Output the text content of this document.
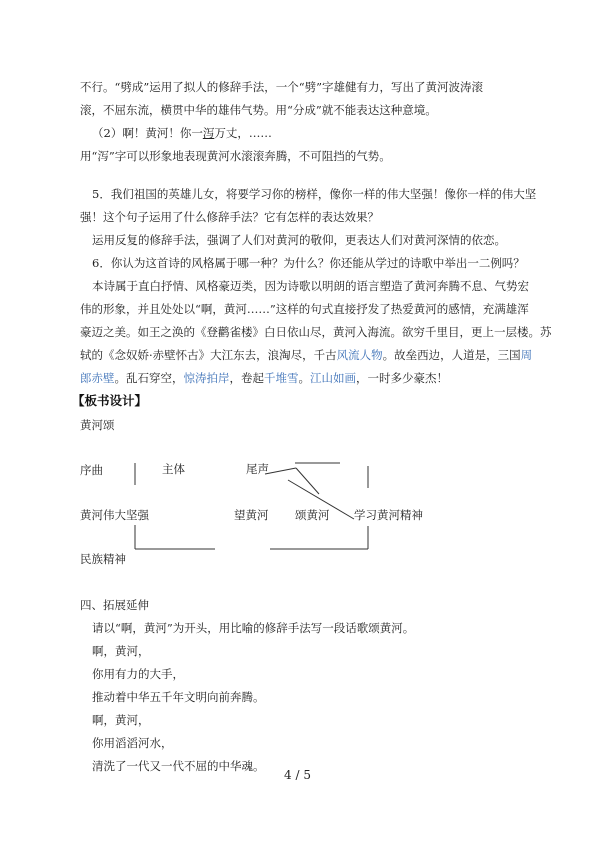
不行。“劈成”运用了拟人的修辞手法，一个“劈”字雄健有力，写出了黄河波涛滚
滚，不屈东流，横贯中华的雄伟气势。用“分成”就不能表达这种意境。
（2）啊！黄河！你一泻万丈，……
用“泻”字可以形象地表现黄河水滚滚奔腾，不可阻挡的气势。
5．我们祖国的英雄儿女，将要学习你的榜样，像你一样的伟大坚强！像你一样的伟大坚
强！这个句子运用了什么修辞手法？它有怎样的表达效果？
运用反复的修辞手法，强调了人们对黄河的敬仰，更表达人们对黄河深情的依恋。
6．你认为这首诗的风格属于哪一种？为什么？你还能从学过的诗歌中举出一二例吗？
本诗属于直白抒情、风格豪迈类，因为诗歌以明朗的语言塑造了黄河奔腾不息、气势宏
伟的形象，并且处处以“啊，黄河……”这样的句式直接抒发了热爱黄河的感情，充满雄浑
豪迈之美。如王之涣的《登鹳雀楼》白日依山尽，黄河入海流。欲穷千里目，更上一层楼。苏
轼的《念奴娇·赤壁怀古》大江东去，浪淘尽，千古风流人物。故垒西边，人道是，三国周
郎赤壁。乱石穿空，惊涛拍岸，卷起千堆雪。江山如画，一时多少豪杰！
【板书设计】
黄河颂
序曲	主体	尾声
黄河伟大坚强	望黄河 颂黄河 学习黄河精神
民族精神
四、拓展延伸
请以“啊，黄河”为开头，用比喻的修辞手法写一段话歌颂黄河。
啊，黄河，
你用有力的大手，
推动着中华五千年文明向前奔腾。
啊，黄河，
你用滔滔河水，
清洗了一代又一代不屈的中华魂。
4 / 5
